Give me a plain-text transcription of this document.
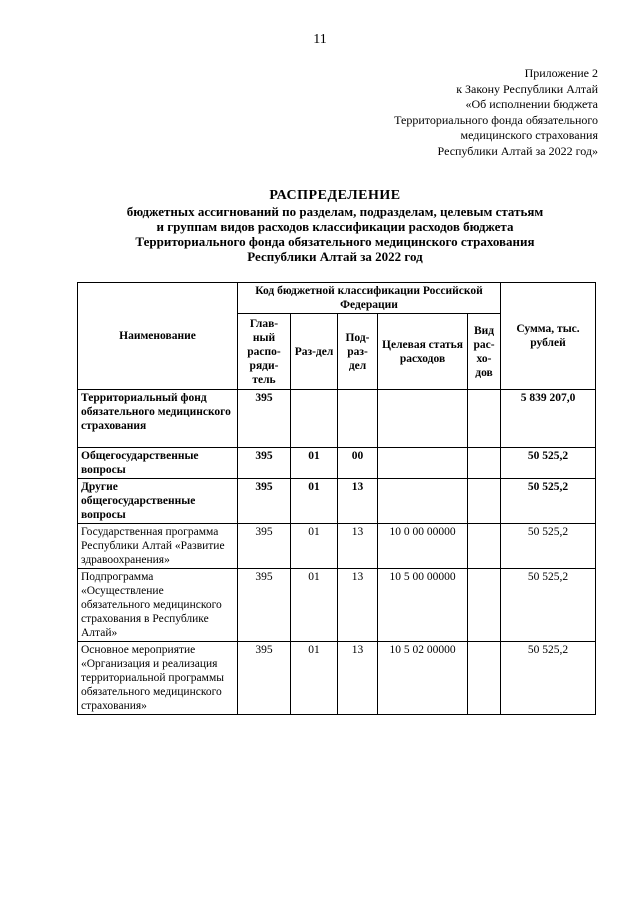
11
Приложение 2
к Закону Республики Алтай
«Об исполнении бюджета
Территориального фонда обязательного
медицинского страхования
Республики Алтай за 2022 год»
РАСПРЕДЕЛЕНИЕ
бюджетных ассигнований по разделам, подразделам, целевым статьям
и группам видов расходов классификации расходов бюджета
Территориального фонда обязательного медицинского страхования
Республики Алтай за 2022 год
Наименование	Код бюджетной классификации Российской Федерации					Сумма, тыс. рублей
	Глав-ный распо-ряди-тель	Раз-дел	Под-раз-дел	Целевая статья расходов	Вид рас-хо-дов	
Территориальный фонд обязательного медицинского страхования	395					5 839 207,0
Общегосударственные вопросы	395	01	00			50 525,2
Другие общегосударственные вопросы	395	01	13			50 525,2
Государственная программа Республики Алтай «Развитие здравоохранения»	395	01	13	10 0 00 00000		50 525,2
Подпрограмма «Осуществление обязательного медицинского страхования в Республике Алтай»	395	01	13	10 5 00 00000		50 525,2
Основное мероприятие «Организация и реализация территориальной программы обязательного медицинского страхования»	395	01	13	10 5 02 00000		50 525,2
